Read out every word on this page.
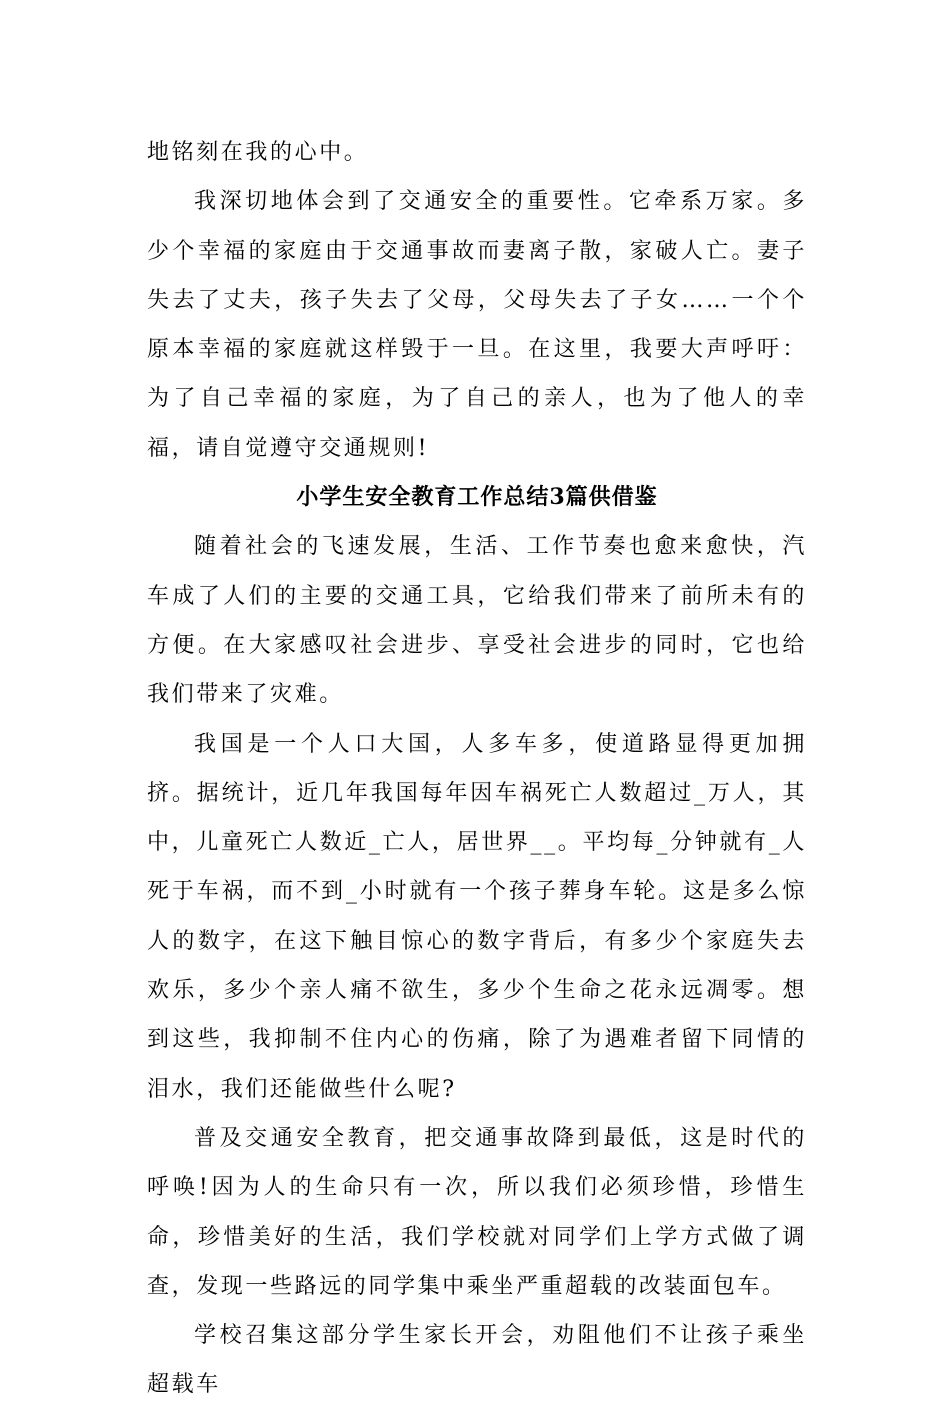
地铭刻在我的心中。

我深切地体会到了交通安全的重要性。它牵系万家。多少个幸福的家庭由于交通事故而妻离子散，家破人亡。妻子失去了丈夫，孩子失去了父母，父母失去了子女……一个个原本幸福的家庭就这样毁于一旦。在这里，我要大声呼吁：为了自己幸福的家庭，为了自己的亲人，也为了他人的幸福，请自觉遵守交通规则!

小学生安全教育工作总结3篇供借鉴

随着社会的飞速发展，生活、工作节奏也愈来愈快，汽车成了人们的主要的交通工具，它给我们带来了前所未有的方便。在大家感叹社会进步、享受社会进步的同时，它也给我们带来了灾难。

我国是一个人口大国，人多车多，使道路显得更加拥挤。据统计，近几年我国每年因车祸死亡人数超过_万人，其中，儿童死亡人数近_亡人，居世界__。平均每_分钟就有_人死于车祸，而不到_小时就有一个孩子葬身车轮。这是多么惊人的数字，在这下触目惊心的数字背后，有多少个家庭失去欢乐，多少个亲人痛不欲生，多少个生命之花永远凋零。想到这些，我抑制不住内心的伤痛，除了为遇难者留下同情的泪水，我们还能做些什么呢?

普及交通安全教育，把交通事故降到最低，这是时代的呼唤!因为人的生命只有一次，所以我们必须珍惜，珍惜生命，珍惜美好的生活，我们学校就对同学们上学方式做了调查，发现一些路远的同学集中乘坐严重超载的改装面包车。

学校召集这部分学生家长开会，劝阻他们不让孩子乘坐超载车
